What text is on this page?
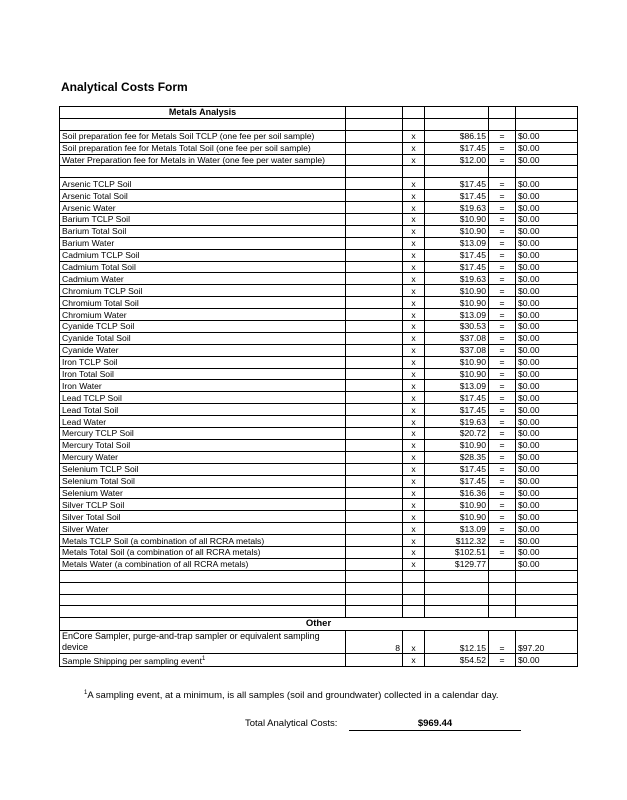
Analytical Costs Form
Metals Analysis					

Soil preparation fee for Metals Soil TCLP (one fee per soil sample)		x	$86.15	=	$0.00
Soil preparation fee for Metals Total Soil (one fee per soil sample)		x	$17.45	=	$0.00
Water Preparation fee for Metals in Water (one fee per water sample)		x	$12.00	=	$0.00

Arsenic TCLP Soil		x	$17.45	=	$0.00
Arsenic Total Soil		x	$17.45	=	$0.00
Arsenic Water		x	$19.63	=	$0.00
Barium TCLP Soil		x	$10.90	=	$0.00
Barium Total Soil		x	$10.90	=	$0.00
Barium Water		x	$13.09	=	$0.00
Cadmium TCLP Soil		x	$17.45	=	$0.00
Cadmium Total Soil		x	$17.45	=	$0.00
Cadmium Water		x	$19.63	=	$0.00
Chromium TCLP Soil		x	$10.90	=	$0.00
Chromium Total Soil		x	$10.90	=	$0.00
Chromium Water		x	$13.09	=	$0.00
Cyanide TCLP Soil		x	$30.53	=	$0.00
Cyanide Total Soil		x	$37.08	=	$0.00
Cyanide Water		x	$37.08	=	$0.00
Iron TCLP Soil		x	$10.90	=	$0.00
Iron Total Soil		x	$10.90	=	$0.00
Iron Water		x	$13.09	=	$0.00
Lead TCLP Soil		x	$17.45	=	$0.00
Lead Total Soil		x	$17.45	=	$0.00
Lead Water		x	$19.63	=	$0.00
Mercury TCLP Soil		x	$20.72	=	$0.00
Mercury Total Soil		x	$10.90	=	$0.00
Mercury Water		x	$28.35	=	$0.00
Selenium TCLP Soil		x	$17.45	=	$0.00
Selenium Total Soil		x	$17.45	=	$0.00
Selenium Water		x	$16.36	=	$0.00
Silver TCLP Soil		x	$10.90	=	$0.00
Silver Total Soil		x	$10.90	=	$0.00
Silver Water		x	$13.09	=	$0.00
Metals TCLP Soil (a combination of all RCRA metals)		x	$112.32	=	$0.00
Metals Total Soil (a combination of all RCRA metals)		x	$102.51	=	$0.00
Metals Water (a combination of all RCRA metals)		x	$129.77		$0.00

Other					
EnCore Sampler, purge-and-trap sampler or equivalent sampling device	8	x	$12.15	=	$97.20
Sample Shipping per sampling event$^1$		x	$54.52	=	$0.00
$^1$A sampling event, at a minimum, is all samples (soil and groundwater) collected in a calendar day.
Total Analytical Costs:	$969.44
